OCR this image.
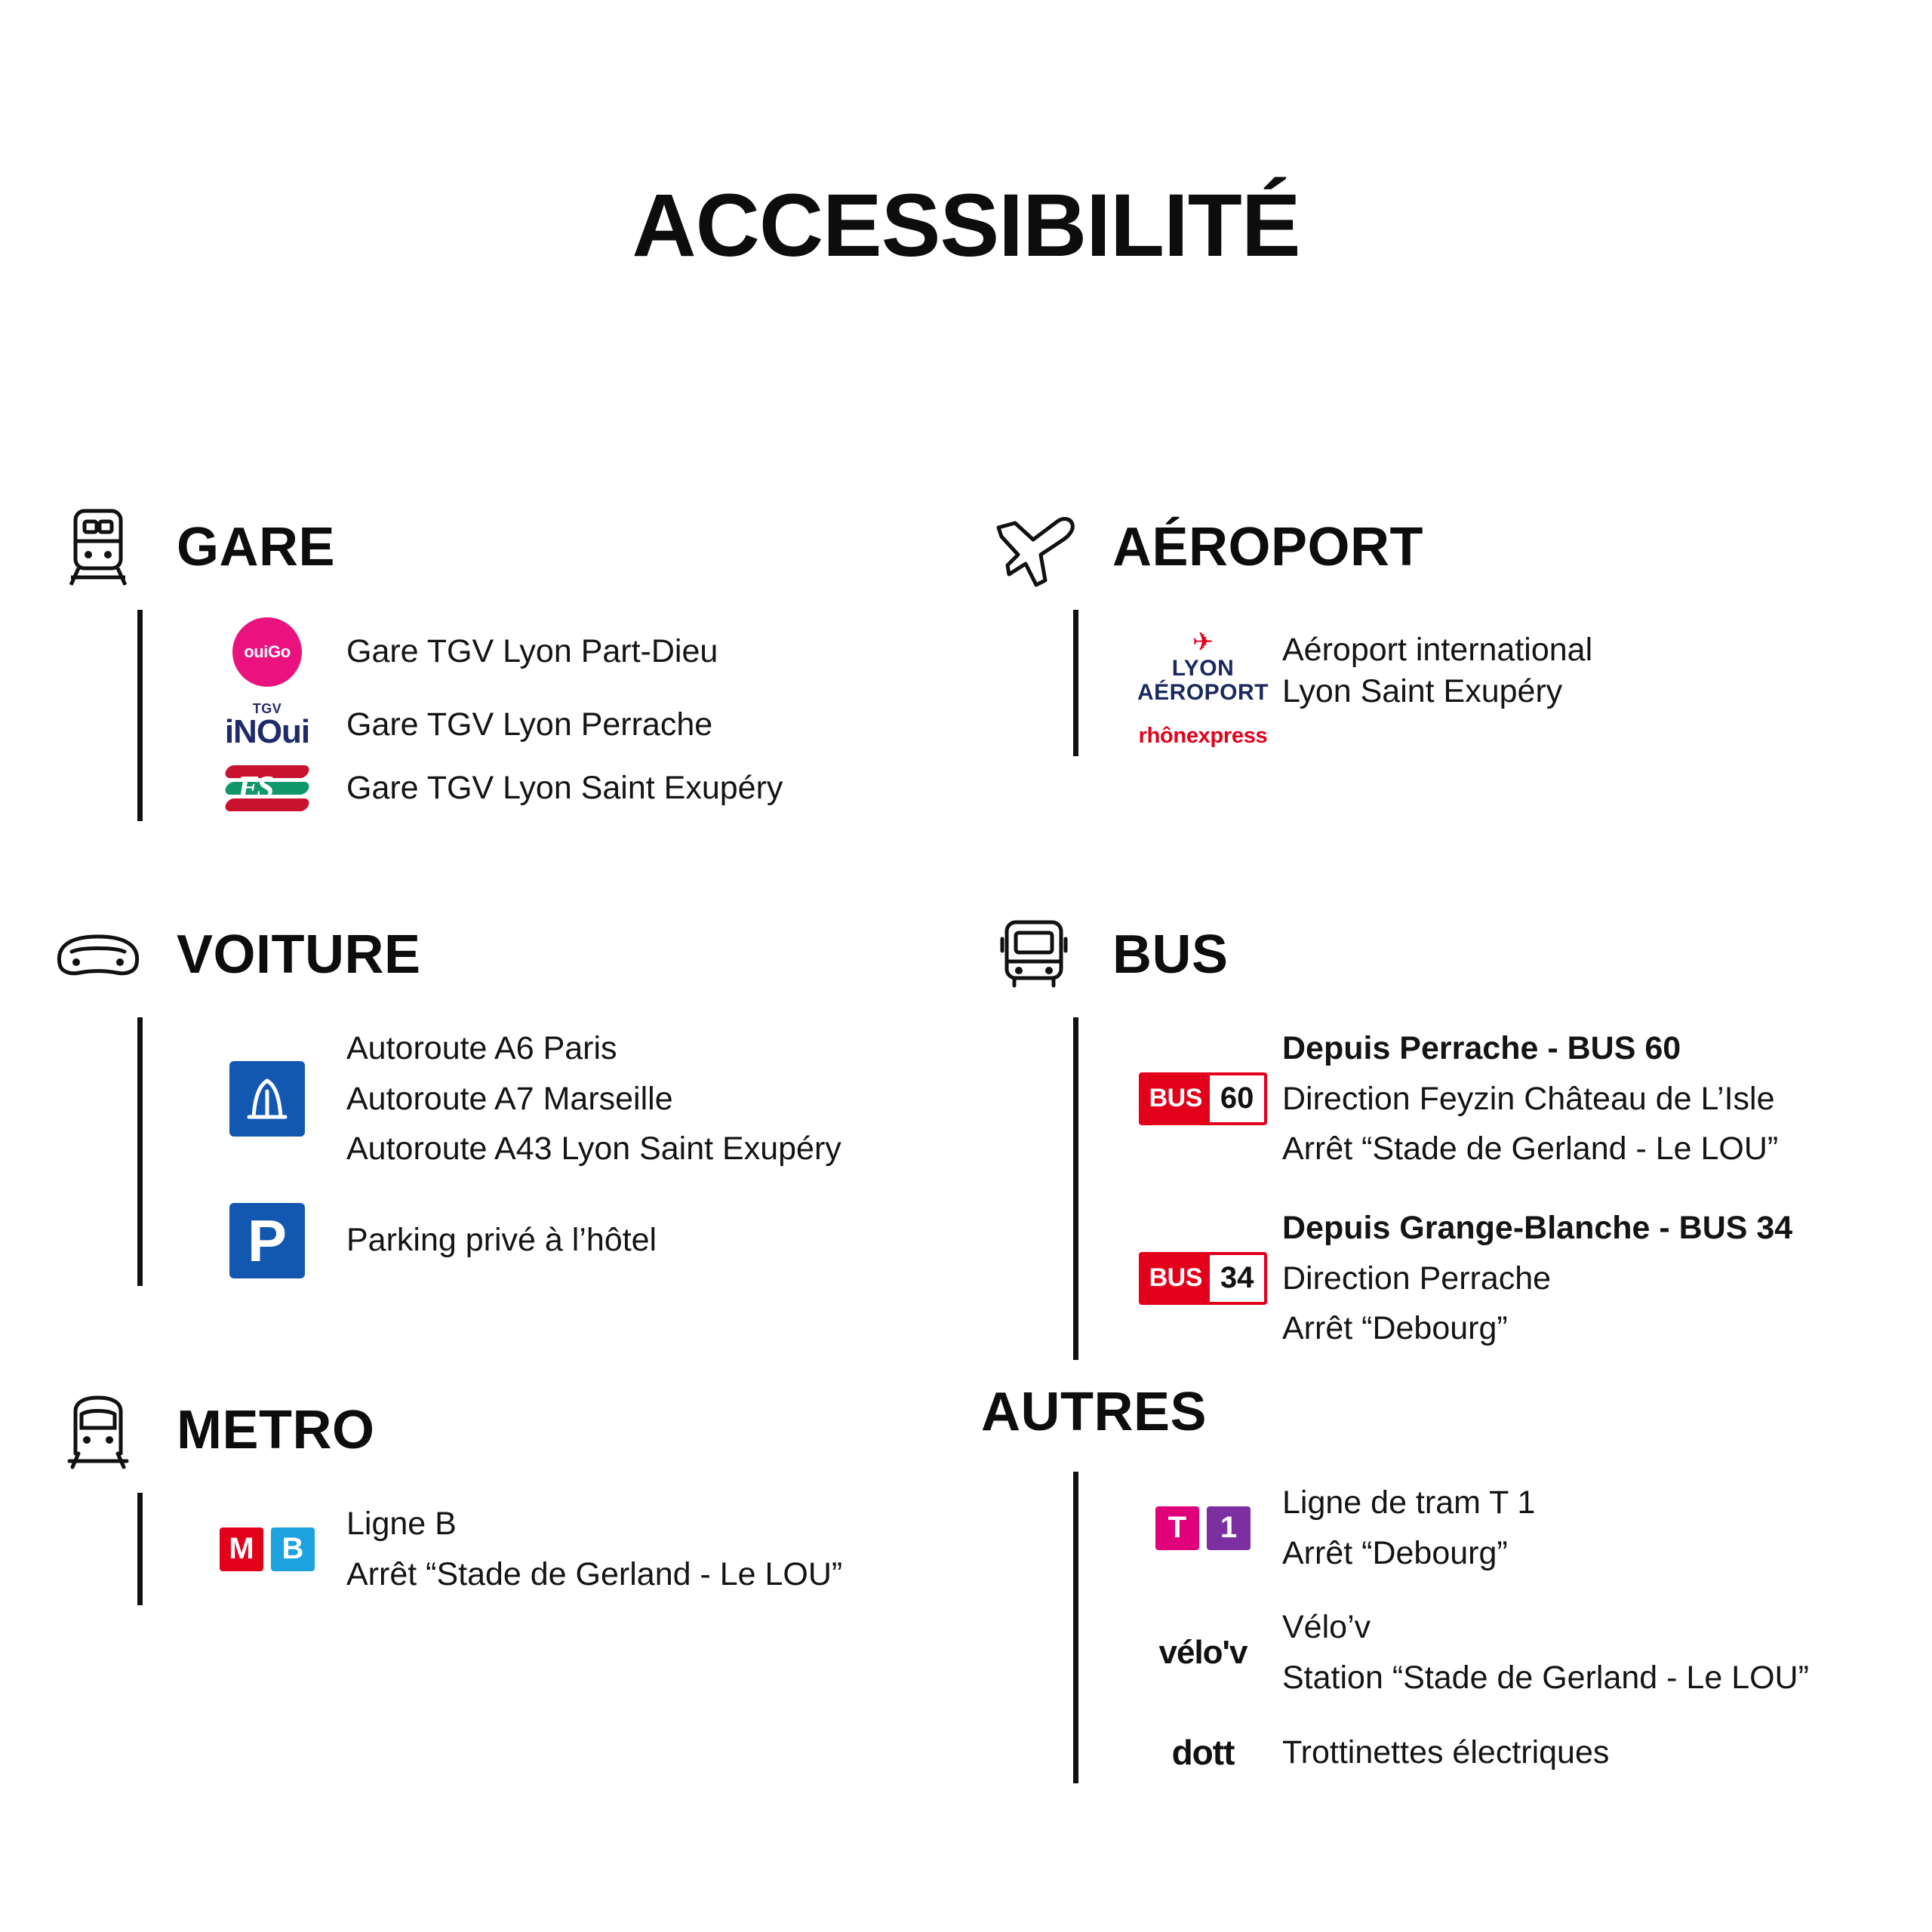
ACCESSIBILITÉ
GARE
ouiGo	Gare TGV Lyon Part-Dieu
TGV
iNOui Gare TGV Lyon Perrache
FS Gare TGV Lyon Saint Exupéry
AÉROPORT
✈
LYON
AÉROPORT
rhônexpress
Aéroport international
Lyon Saint Exupéry
VOITURE
Autoroute A6 Paris
Autoroute A7 Marseille
Autoroute A43 Lyon Saint Exupéry
P	Parking privé à l’hôtel
BUS
BUS 60
Depuis Perrache - BUS 60
Direction Feyzin Château de L’Isle
Arrêt “Stade de Gerland - Le LOU”
BUS 34
Depuis Grange-Blanche - BUS 34
Direction Perrache
Arrêt “Debourg”
METRO
M B
Ligne B
Arrêt “Stade de Gerland - Le LOU”
AUTRES
T	1
Ligne de tram T 1
Arrêt “Debourg”
vélo'v
Vélo’v
Station “Stade de Gerland - Le LOU”
dott Trottinettes électriques
